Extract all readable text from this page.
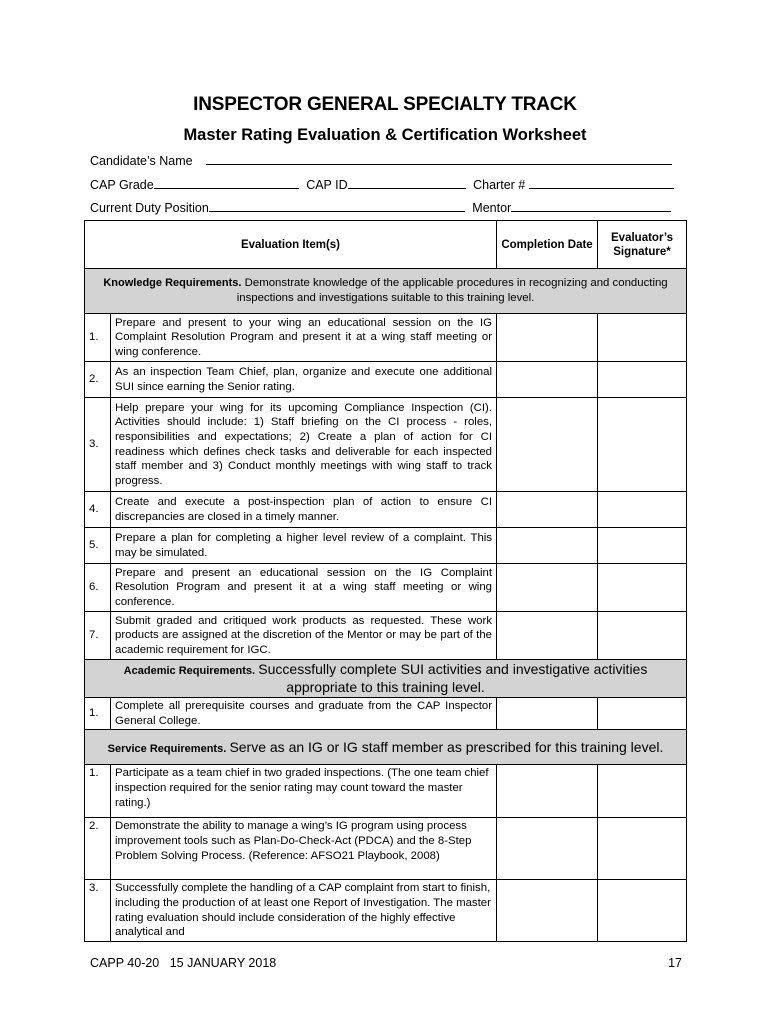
INSPECTOR GENERAL SPECIALTY TRACK
Master Rating Evaluation & Certification Worksheet
Candidate’s Name
CAP Grade	CAP ID	Charter #
Current Duty Position	Mentor
Evaluation Item(s)		Completion Date	Evaluator’s Signature*
Knowledge Requirements. Demonstrate knowledge of the applicable procedures in recognizing and conducting inspections and investigations suitable to this training level.			
1.	Prepare and present to your wing an educational session on the IG Complaint Resolution Program and present it at a wing staff meeting or wing conference.		
2.	As an inspection Team Chief, plan, organize and execute one additional SUI since earning the Senior rating.		
3.	Help prepare your wing for its upcoming Compliance Inspection (CI). Activities should include: 1) Staff briefing on the CI process - roles, responsibilities and expectations; 2) Create a plan of action for CI readiness which defines check tasks and deliverable for each inspected staff member and 3) Conduct monthly meetings with wing staff to track progress.		
4.	Create and execute a post-inspection plan of action to ensure CI discrepancies are closed in a timely manner.		
5.	Prepare a plan for completing a higher level review of a complaint. This may be simulated.		
6.	Prepare and present an educational session on the IG Complaint Resolution Program and present it at a wing staff meeting or wing conference.		
7.	Submit graded and critiqued work products as requested. These work products are assigned at the discretion of the Mentor or may be part of the academic requirement for IGC.		
Academic Requirements. Successfully complete SUI activities and investigative activities appropriate to this training level.			
1.	Complete all prerequisite courses and graduate from the CAP Inspector General College.		
Service Requirements. Serve as an IG or IG staff member as prescribed for this training level.			
1.	Participate as a team chief in two graded inspections. (The one team chief inspection required for the senior rating may count toward the master rating.)		
2.	Demonstrate the ability to manage a wing’s IG program using process improvement tools such as Plan-Do-Check-Act (PDCA) and the 8-Step Problem Solving Process. (Reference: AFSO21 Playbook, 2008)		
3.	Successfully complete the handling of a CAP complaint from start to finish, including the production of at least one Report of Investigation. The master rating evaluation should include consideration of the highly effective analytical and		
CAPP 40-20 15 JANUARY 2018	17
